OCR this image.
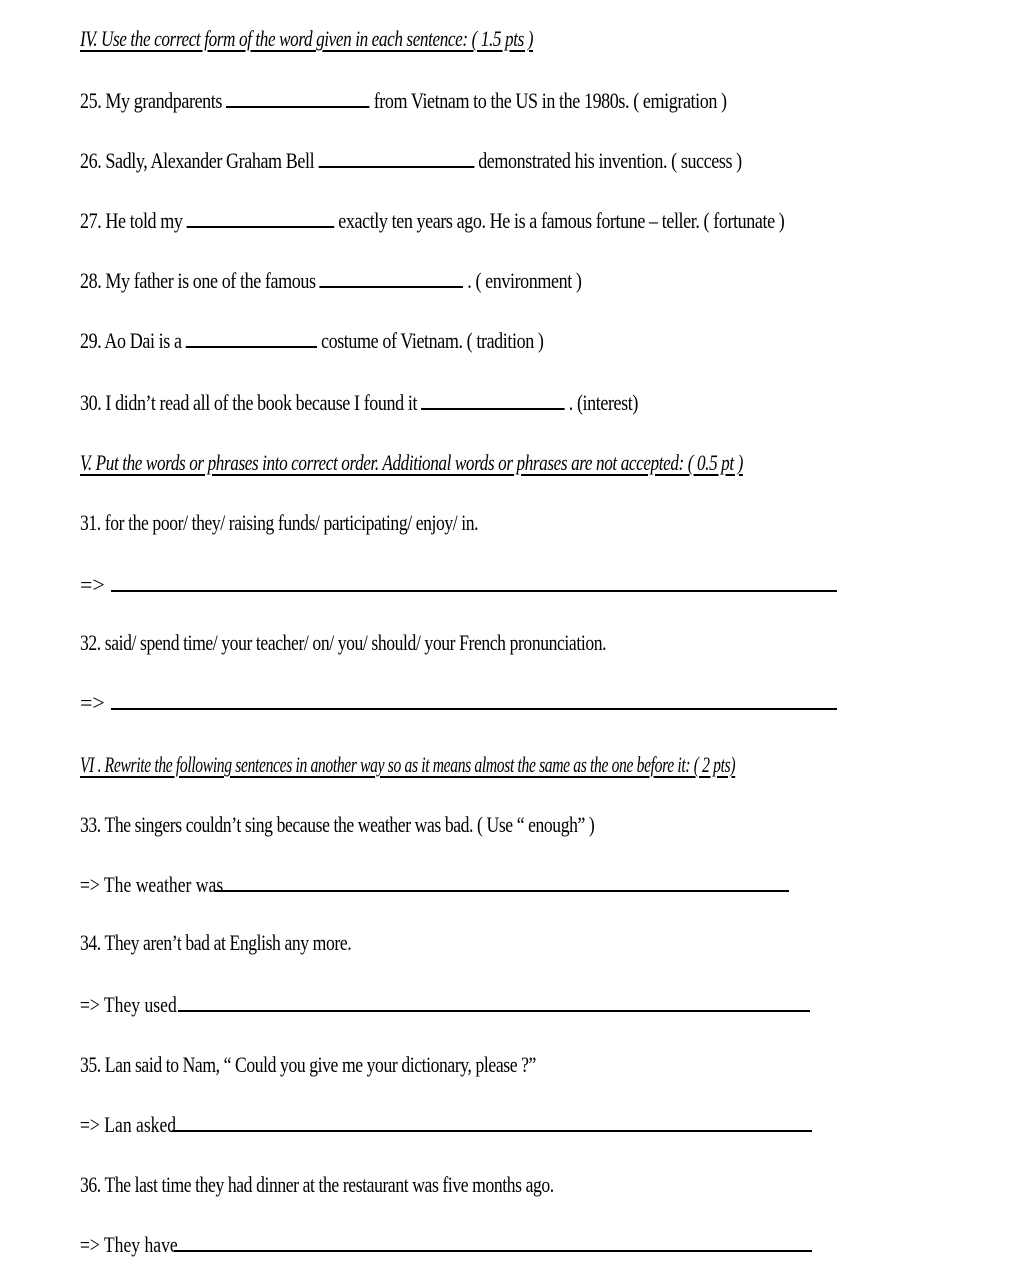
IV. Use the correct form of the word given in each sentence: ( 1.5 pts )
25. My grandparents	from Vietnam to the US in the 1980s. ( emigration )
26. Sadly, Alexander Graham Bell	demonstrated his invention. ( success )
27. He told my	exactly ten years ago. He is a famous fortune – teller. ( fortunate )
28. My father is one of the famous	. ( environment )
29. Ao Dai is a	costume of Vietnam. ( tradition )
30. I didn’t read all of the book because I found it	. (interest)
V. Put the words or phrases into correct order. Additional words or phrases are not accepted: ( 0.5 pt )
31. for the poor/ they/ raising funds/ participating/ enjoy/ in.
=>
32. said/ spend time/ your teacher/ on/ you/ should/ your French pronunciation.
=>
VI . Rewrite the following sentences in another way so as it means almost the same as the one before it: ( 2 pts)
33. The singers couldn’t sing because the weather was bad. ( Use “ enough” )
=> The weather was
34. They aren’t bad at English any more.
=> They used
35. Lan said to Nam, “ Could you give me your dictionary, please ?”
=> Lan asked
36. The last time they had dinner at the restaurant was five months ago.
=> They have
